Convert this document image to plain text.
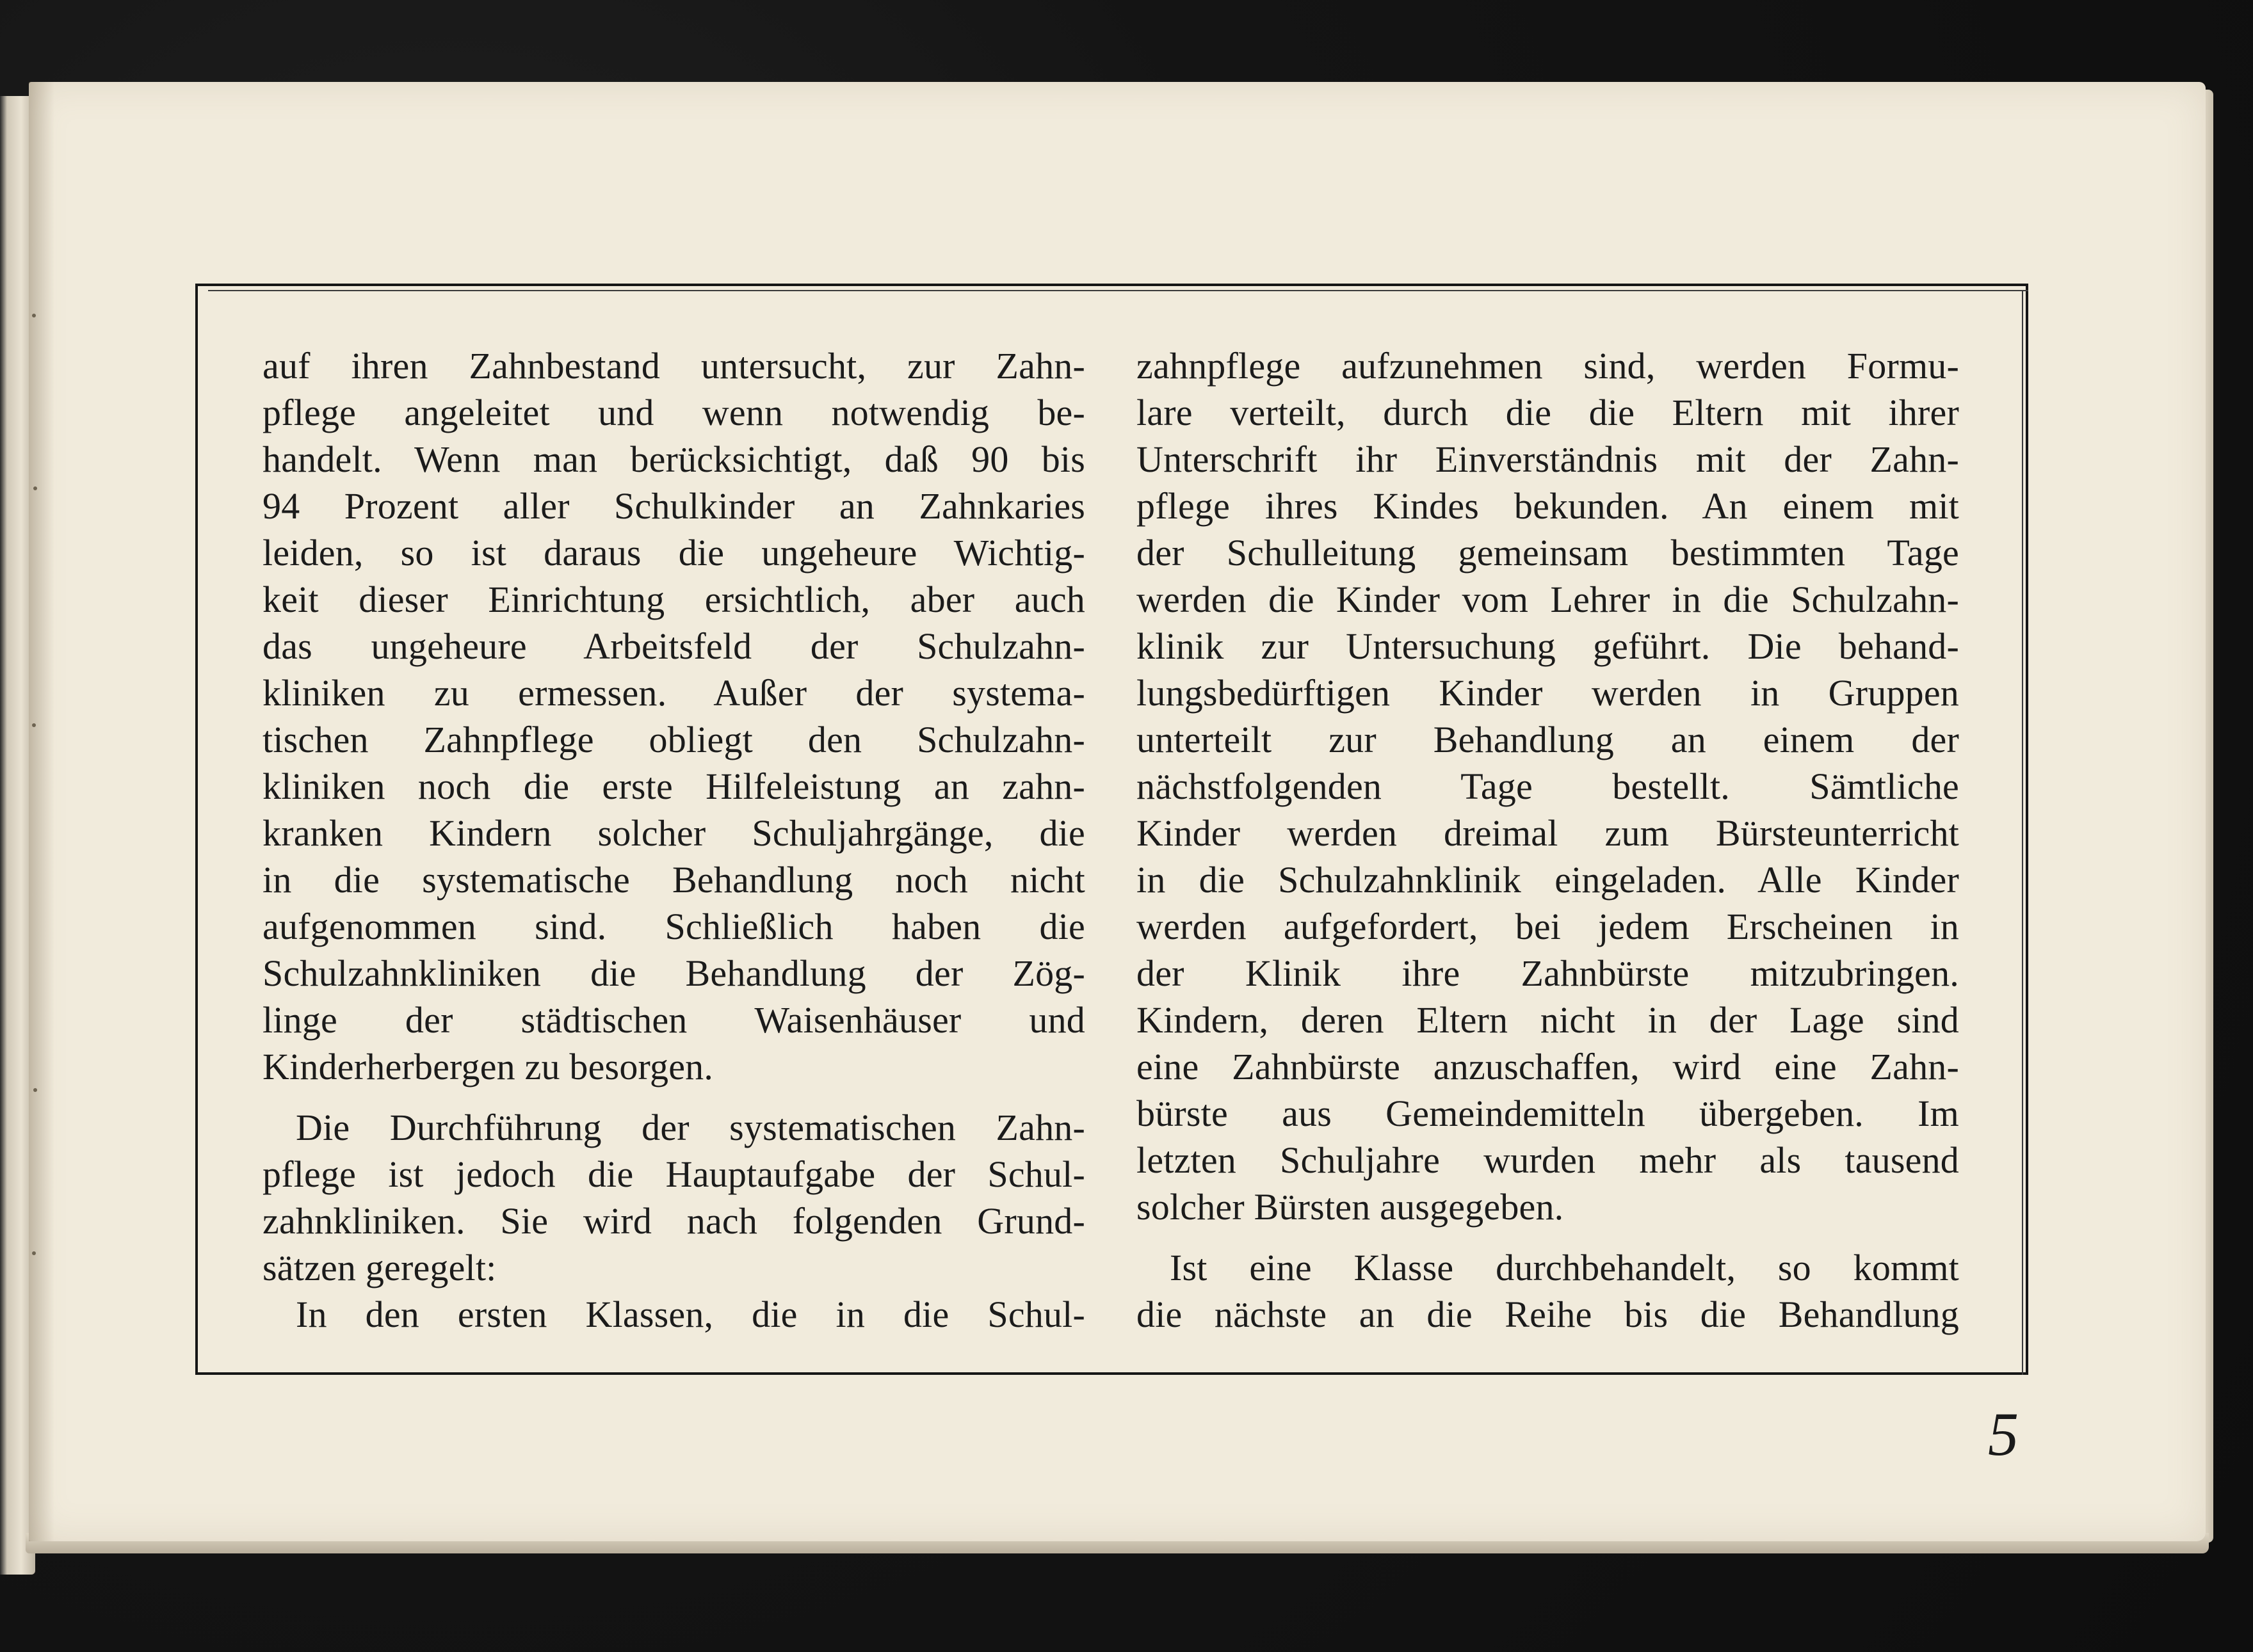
auf ihren Zahnbestand untersucht, zur Zahn-
pflege angeleitet und wenn notwendig be-
handelt. Wenn man berücksichtigt, daß 90 bis
94 Prozent aller Schulkinder an Zahnkaries
leiden, so ist daraus die ungeheure Wichtig-
keit dieser Einrichtung ersichtlich, aber auch
das ungeheure Arbeitsfeld der Schulzahn-
kliniken zu ermessen. Außer der systema-
tischen Zahnpflege obliegt den Schulzahn-
kliniken noch die erste Hilfeleistung an zahn-
kranken Kindern solcher Schuljahrgänge, die
in die systematische Behandlung noch nicht
aufgenommen sind. Schließlich haben die
Schulzahnkliniken die Behandlung der Zög-
linge der städtischen Waisenhäuser und
Kinderherbergen zu besorgen.
Die Durchführung der systematischen Zahn-
pflege ist jedoch die Hauptaufgabe der Schul-
zahnkliniken. Sie wird nach folgenden Grund-
sätzen geregelt:
In den ersten Klassen, die in die Schul-
zahnpflege aufzunehmen sind, werden Formu-
lare verteilt, durch die die Eltern mit ihrer
Unterschrift ihr Einverständnis mit der Zahn-
pflege ihres Kindes bekunden. An einem mit
der Schulleitung gemeinsam bestimmten Tage
werden die Kinder vom Lehrer in die Schulzahn-
klinik zur Untersuchung geführt. Die behand-
lungsbedürftigen Kinder werden in Gruppen
unterteilt zur Behandlung an einem der
nächstfolgenden Tage bestellt. Sämtliche
Kinder werden dreimal zum Bürsteunterricht
in die Schulzahnklinik eingeladen. Alle Kinder
werden aufgefordert, bei jedem Erscheinen in
der Klinik ihre Zahnbürste mitzubringen.
Kindern, deren Eltern nicht in der Lage sind
eine Zahnbürste anzuschaffen, wird eine Zahn-
bürste aus Gemeindemitteln übergeben. Im
letzten Schuljahre wurden mehr als tausend
solcher Bürsten ausgegeben.
Ist eine Klasse durchbehandelt, so kommt
die nächste an die Reihe bis die Behandlung
5
